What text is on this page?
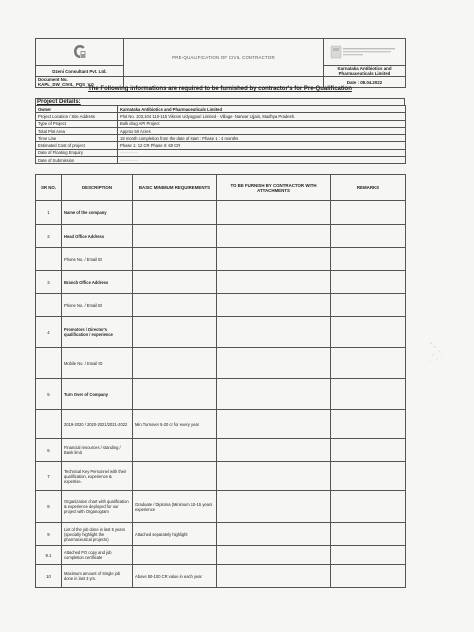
	PRE-QUALIFICATION OF CIVIL CONTRACTOR	
Dzeni Consultant Pvt. Ltd.		Karnataka Antibiotics and Pharmaceuticals Limited
Document No. KAPL_DW_CIVIL_PQS_V.0		Date : 08.04.2022
The Following informations are required to be furnished by contractor's for Pre-Qualification
Project Details:
Owner	Karnataka Antibiotics and Pharmaceuticals Limited
Project Location / Site Address	Plot No. 103,104 110-115 Vikram Udyogpuri Limited - Village- Narwar Ujjain, Madhya Pradesh.
Type of Project	Bulk drug API Project
Total Plot Area	Approx 50 Acres
Time Line	18 month completion from the date of start : Phase 1 : 4 months
Estimated Cost of project	Phase 1: 12 CR Phase II: 60 CR
Date of Floating Enquiry	──────
Date of Submission	──────
SR NO.	DESCRIPTION	BASIC MINIMUM REQUIREMENTS	TO BE FURNISH BY CONTRACTOR WITH ATTACHMENTS	REMARKS
1	Name of the company			
2	Head Office Address			
	Phone No. / Email ID			
3	Branch Office Address			
	Phone No. / Email ID			
4	Promotors / Director's qualification / experience			
	Mobile No. / Email ID			
5	Turn Over of Company			
	2019-2020 / 2020-2021/2021-2022	Min.Turnover 5-20 cr for every year		
6	Financial resources / standing / Bank limit			
7	Technical Key Personnel with their qualification, experience & expertise.			
8	Organization chart with qualification & experience deployed for our project with Organogram	Graduate / Diploma (Minimum 10-15 years experience		
9	List of the job done in last 5 years (specially highlight the pharmaceutical projects)	Attached separately highlight		
9.1	Attached PO copy and job completion certificate			
10	Maximum amount of Single job done in last 3 yrs.	Above 50-100 CR value in each year		
